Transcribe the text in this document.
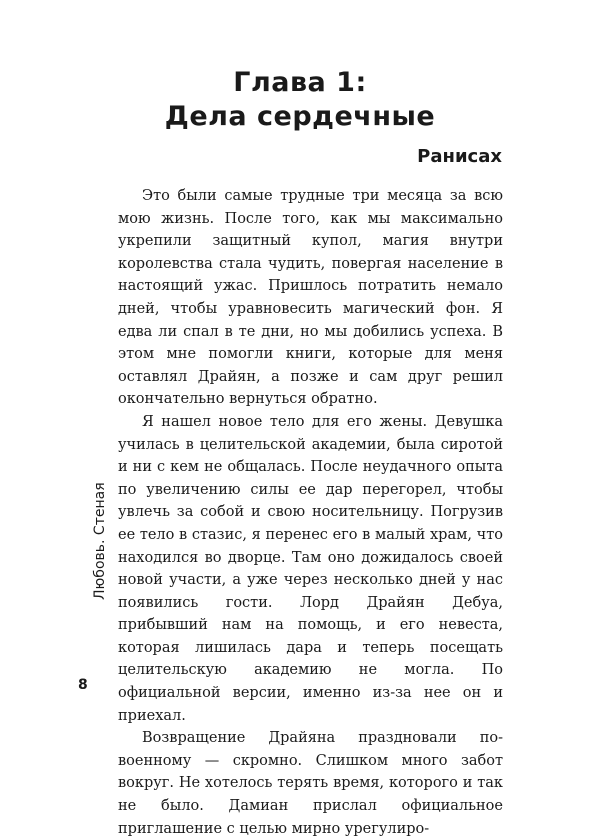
Глава 1:
Дела сердечные
Ранисах

Это были самые трудные три месяца за всю мою жизнь. После того, как мы максимально укрепили защитный купол, магия внутри королевства стала чудить, повергая население в настоящий ужас. Пришлось потратить немало дней, чтобы уравновесить магический фон. Я едва ли спал в те дни, но мы добились успеха. В этом мне помогли книги, которые для меня оставлял Драйян, а позже и сам друг решил окончательно вернуться обратно.

Я нашел новое тело для его жены. Девушка училась в целительской академии, была сиротой и ни с кем не общалась. После неудачного опыта по увеличению силы ее дар перегорел, чтобы увлечь за собой и свою носительницу. Погрузив ее тело в стазис, я перенес его в малый храм, что находился во дворце. Там оно дожидалось своей новой участи, а уже через несколько дней у нас появились гости. Лорд Драйян Дебуа, прибывший нам на помощь, и его невеста, которая лишилась дара и теперь посещать целительскую академию не могла. По официальной версии, именно из-за нее он и приехал.

Возвращение Драйяна праздновали по-военному — скромно. Слишком много забот вокруг. Не хотелось терять время, которого и так не было. Дамиан прислал официальное приглашение с целью мирно урегулиро-

Любовь. Стеная
8
